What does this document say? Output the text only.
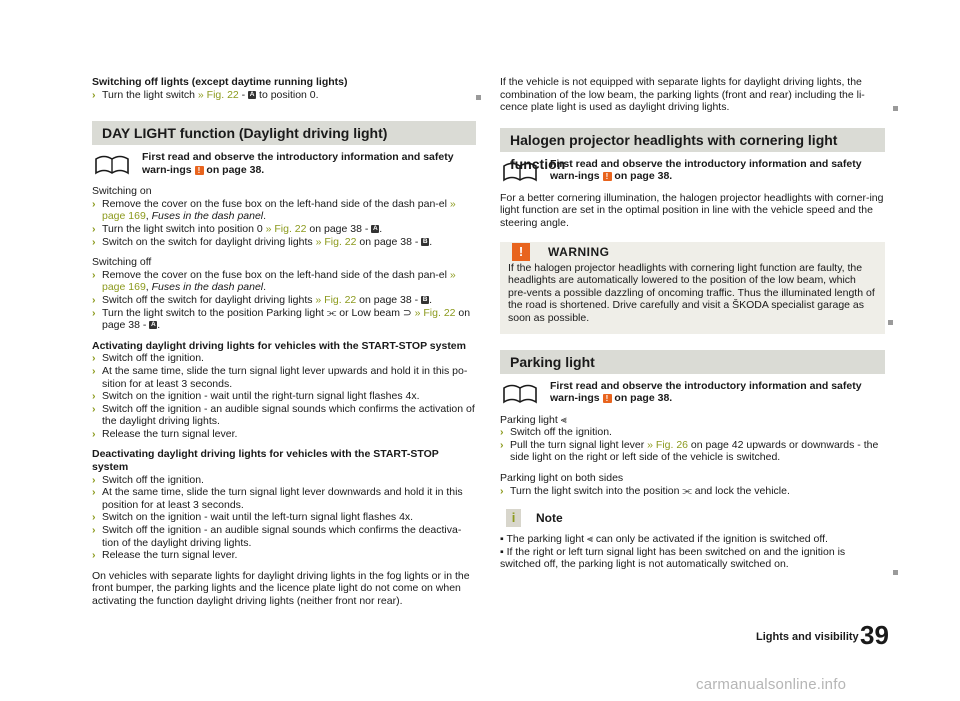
Switching off lights (except daytime running lights)

› Turn the light switch » Fig. 22 - A to position 0.

DAY LIGHT function (Daylight driving light)

First read and observe the introductory information and safety warn-ings ! on page 38.

Switching on

› Remove the cover on the fuse box on the left-hand side of the dash pan-el » page 169, Fuses in the dash panel.

› Turn the light switch into position 0 » Fig. 22 on page 38 - A .

› Switch on the switch for daylight driving lights » Fig. 22 on page 38 - B .

Switching off

› Remove the cover on the fuse box on the left-hand side of the dash pan-el » page 169, Fuses in the dash panel.

› Switch off the switch for daylight driving lights » Fig. 22 on page 38 - B .

› Turn the light switch to the position Parking light ⫘ or Low beam ⊃ » Fig. 22 on page 38 - A .

Activating daylight driving lights for vehicles with the START-STOP system

› Switch off the ignition.

› At the same time, slide the turn signal light lever upwards and hold it in this po-sition for at least 3 seconds.

› Switch on the ignition - wait until the right-turn signal light flashes 4x.

› Switch off the ignition - an audible signal sounds which confirms the activation of the daylight driving lights.

› Release the turn signal lever.

Deactivating daylight driving lights for vehicles with the START-STOP system

› Switch off the ignition.

› At the same time, slide the turn signal light lever downwards and hold it in this position for at least 3 seconds.

› Switch on the ignition - wait until the left-turn signal light flashes 4x.

› Switch off the ignition - an audible signal sounds which confirms the deactiva-tion of the daylight driving lights.

› Release the turn signal lever.

On vehicles with separate lights for daylight driving lights in the fog lights or in the front bumper, the parking lights and the licence plate light do not come on when activating the function daylight driving lights (neither front nor rear).

If the vehicle is not equipped with separate lights for daylight driving lights, the combination of the low beam, the parking lights (front and rear) including the li-cence plate light is used as daylight driving lights.

Halogen projector headlights with cornering light function

First read and observe the introductory information and safety warn-ings ! on page 38.

For a better cornering illumination, the halogen projector headlights with corner-ing light function are set in the optimal position in line with the vehicle speed and the steering angle.

!	WARNING

If the halogen projector headlights with cornering light function are faulty, the headlights are automatically lowered to the position of the low beam, which pre-vents a possible dazzling of oncoming traffic. Thus the illuminated length of the road is shortened. Drive carefully and visit a ŠKODA specialist garage as soon as possible.

Parking light

First read and observe the introductory information and safety warn-ings ! on page 38.

Parking light ⫷

› Switch off the ignition.

› Pull the turn signal light lever » Fig. 26 on page 42 upwards or downwards - the side light on the right or left side of the vehicle is switched.

Parking light on both sides

› Turn the light switch into the position ⫘ and lock the vehicle.

i	Note

▪ The parking light ⫷ can only be activated if the ignition is switched off.

▪ If the right or left turn signal light has been switched on and the ignition is switched off, the parking light is not automatically switched on.

Lights and visibility 39
carmanualsonline.info
